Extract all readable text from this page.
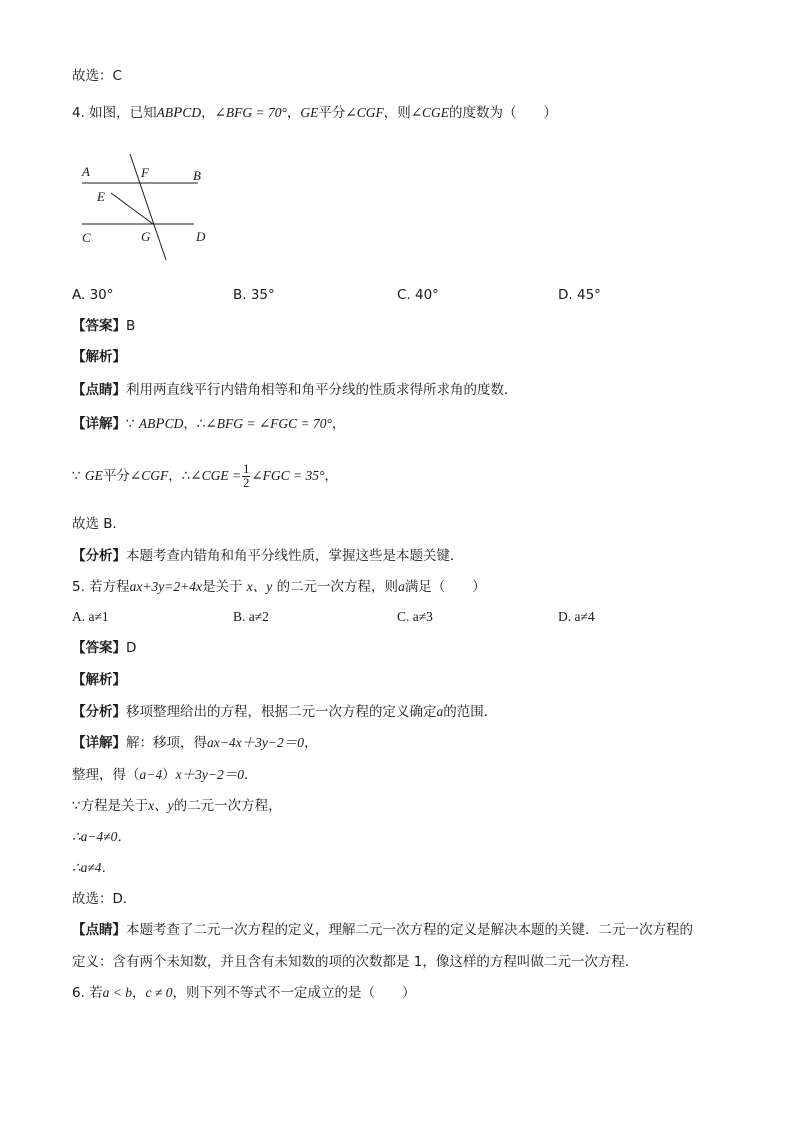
故选：C
4. 如图，已知ABPCD，∠BFG = 70°，GE平分∠CGF，则∠CGE的度数为（　　）
A	F	B
E
C	G	D
A. 30°	B. 35°	C. 40°	D. 45°
【答案】B
【解析】
【点睛】利用两直线平行内错角相等和角平分线的性质求得所求角的度数．
【详解】∵ ABPCD，∴∠BFG = ∠FGC = 70°，
∵ GE平分∠CGF，∴∠CGE = $\frac{1}{2}$ ∠FGC = 35°，
故选 B．
【分析】本题考查内错角和角平分线性质，掌握这些是本题关键．
5. 若方程ax+3y=2+4x是关于 x、y 的二元一次方程，则a满足（　　）
A. a≠1	B. a≠2	C. a≠3	D. a≠4
【答案】D
【解析】
【分析】移项整理给出的方程，根据二元一次方程的定义确定a的范围．
【详解】解：移项，得ax−4x＋3y−2＝0，
整理，得（a−4）x＋3y−2＝0．
∵方程是关于x、y的二元一次方程，
∴a−4≠0．
∴a≠4．
故选：D．
【点睛】本题考查了二元一次方程的定义，理解二元一次方程的定义是解决本题的关键．二元一次方程的
定义：含有两个未知数，并且含有未知数的项的次数都是 1，像这样的方程叫做二元一次方程．
6. 若a < b，c ≠ 0，则下列不等式不一定成立的是（　　）
